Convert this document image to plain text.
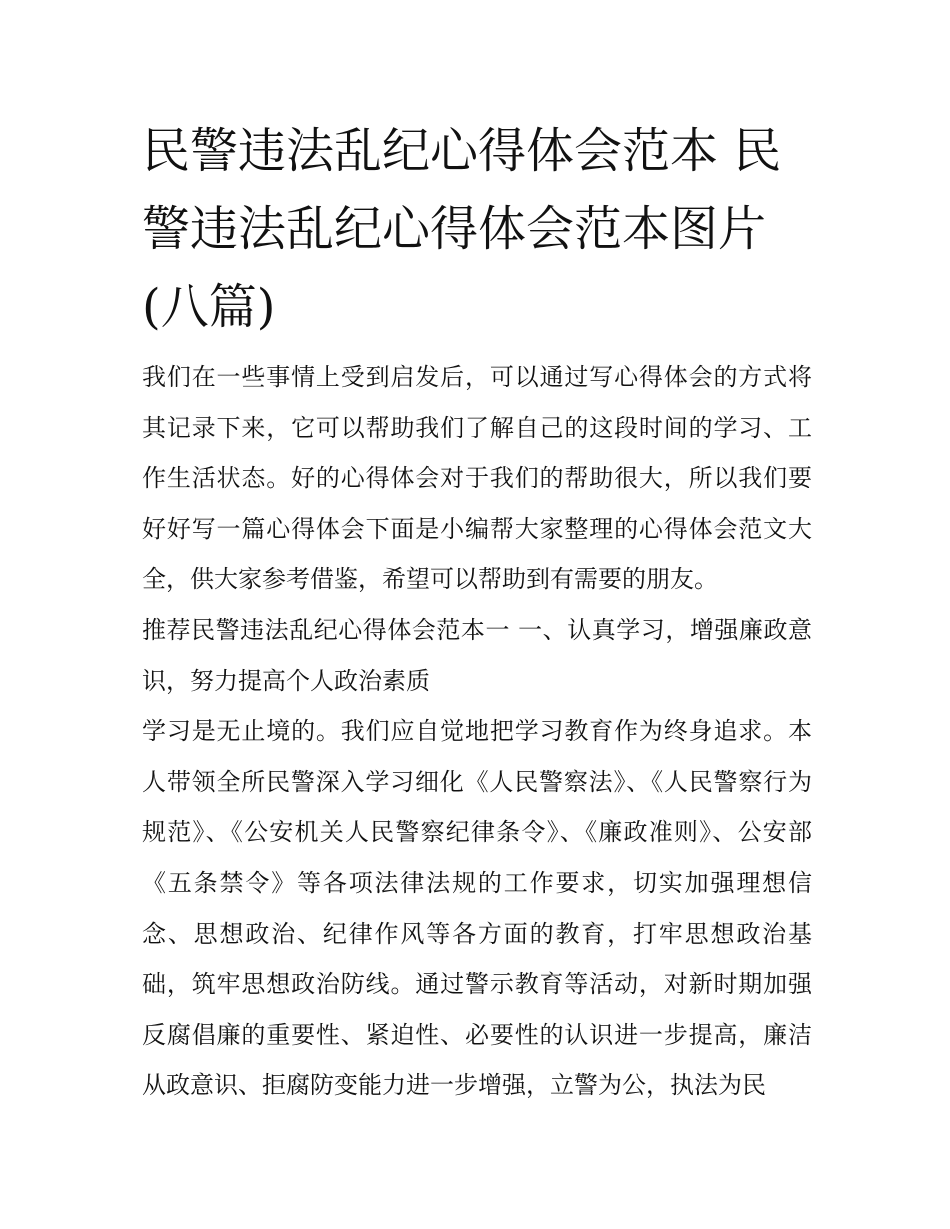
民警违法乱纪心得体会范本 民警违法乱纪心得体会范本图片(八篇)

我们在一些事情上受到启发后，可以通过写心得体会的方式将其记录下来，它可以帮助我们了解自己的这段时间的学习、工作生活状态。好的心得体会对于我们的帮助很大，所以我们要好好写一篇心得体会下面是小编帮大家整理的心得体会范文大全，供大家参考借鉴，希望可以帮助到有需要的朋友。

推荐民警违法乱纪心得体会范本一 一、认真学习，增强廉政意识，努力提高个人政治素质

学习是无止境的。我们应自觉地把学习教育作为终身追求。本人带领全所民警深入学习细化《人民警察法》、《人民警察行为规范》、《公安机关人民警察纪律条令》、《廉政准则》、公安部《五条禁令》等各项法律法规的工作要求，切实加强理想信念、思想政治、纪律作风等各方面的教育，打牢思想政治基础，筑牢思想政治防线。通过警示教育等活动，对新时期加强反腐倡廉的重要性、紧迫性、必要性的认识进一步提高，廉洁从政意识、拒腐防变能力进一步增强，立警为公，执法为民
